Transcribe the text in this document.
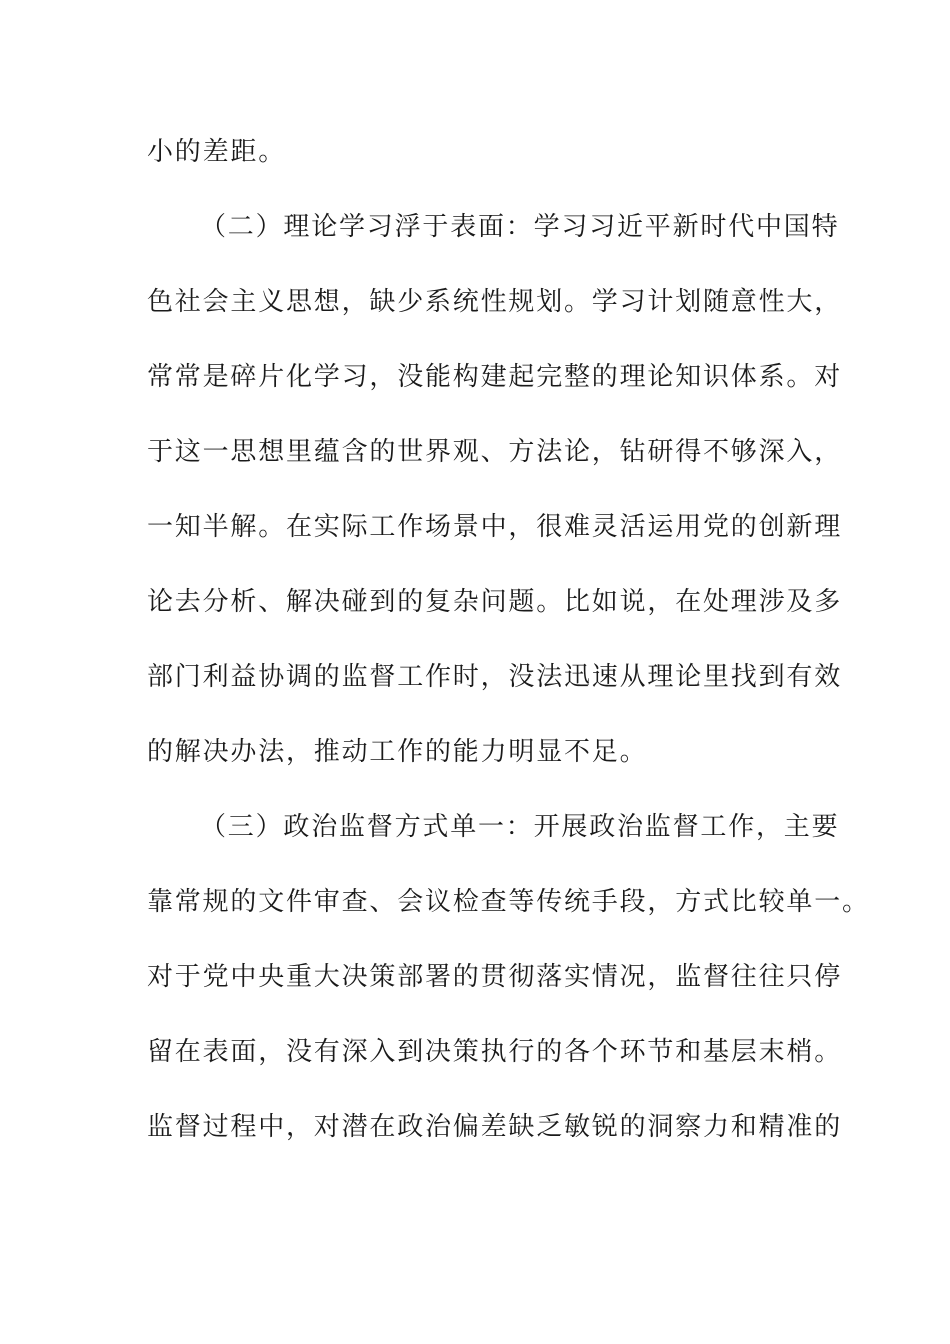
小的差距。
（二）理论学习浮于表面：学习习近平新时代中国特
色社会主义思想，缺少系统性规划。学习计划随意性大，
常常是碎片化学习，没能构建起完整的理论知识体系。对
于这一思想里蕴含的世界观、方法论，钻研得不够深入，
一知半解。在实际工作场景中，很难灵活运用党的创新理
论去分析、解决碰到的复杂问题。比如说，在处理涉及多
部门利益协调的监督工作时，没法迅速从理论里找到有效
的解决办法，推动工作的能力明显不足。
（三）政治监督方式单一：开展政治监督工作，主要
靠常规的文件审查、会议检查等传统手段，方式比较单一。
对于党中央重大决策部署的贯彻落实情况，监督往往只停
留在表面，没有深入到决策执行的各个环节和基层末梢。
监督过程中，对潜在政治偏差缺乏敏锐的洞察力和精准的
